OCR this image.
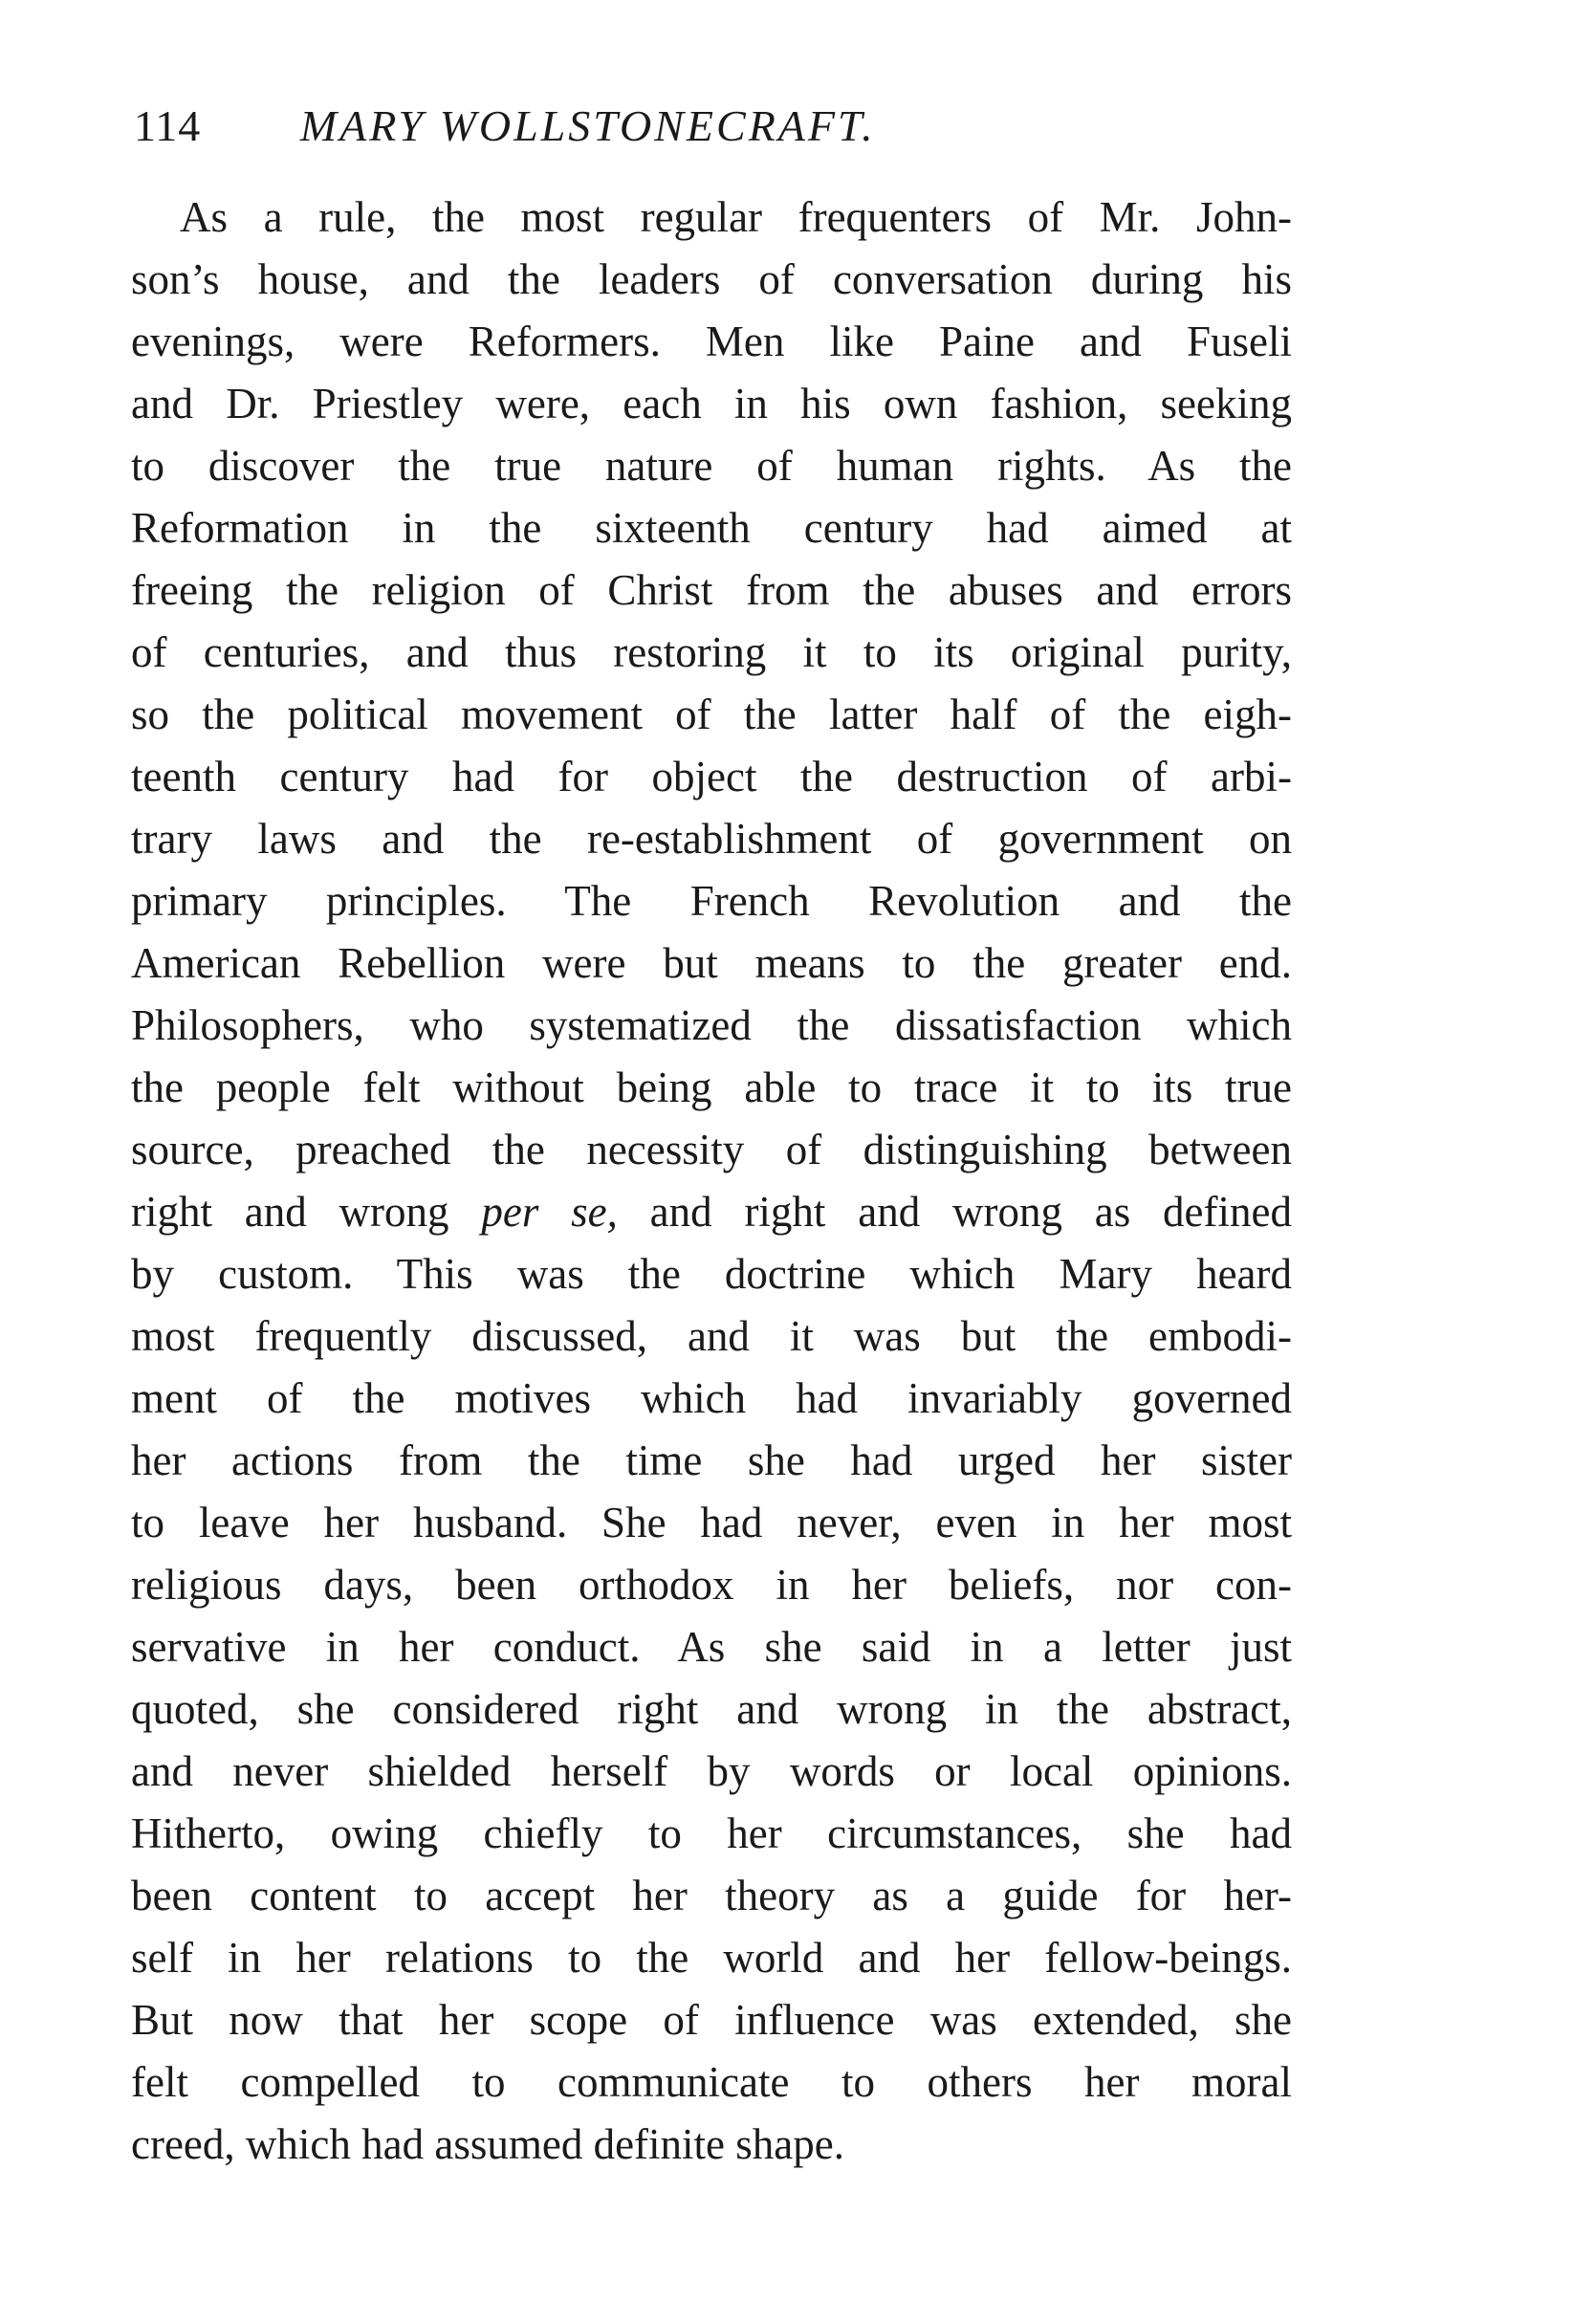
114 MARY WOLLSTONECRAFT.
As a rule, the most regular frequenters of Mr. John-
son’s house, and the leaders of conversation during his
evenings, were Reformers. Men like Paine and Fuseli
and Dr. Priestley were, each in his own fashion, seeking
to discover the true nature of human rights. As the
Reformation in the sixteenth century had aimed at
freeing the religion of Christ from the abuses and errors
of centuries, and thus restoring it to its original purity,
so the political movement of the latter half of the eigh-
teenth century had for object the destruction of arbi-
trary laws and the re-establishment of government on
primary principles. The French Revolution and the
American Rebellion were but means to the greater end.
Philosophers, who systematized the dissatisfaction which
the people felt without being able to trace it to its true
source, preached the necessity of distinguishing between
right and wrong per se, and right and wrong as defined
by custom. This was the doctrine which Mary heard
most frequently discussed, and it was but the embodi-
ment of the motives which had invariably governed
her actions from the time she had urged her sister
to leave her husband. She had never, even in her most
religious days, been orthodox in her beliefs, nor con-
servative in her conduct. As she said in a letter just
quoted, she considered right and wrong in the abstract,
and never shielded herself by words or local opinions.
Hitherto, owing chiefly to her circumstances, she had
been content to accept her theory as a guide for her-
self in her relations to the world and her fellow-beings.
But now that her scope of influence was extended, she
felt compelled to communicate to others her moral
creed, which had assumed definite shape.
